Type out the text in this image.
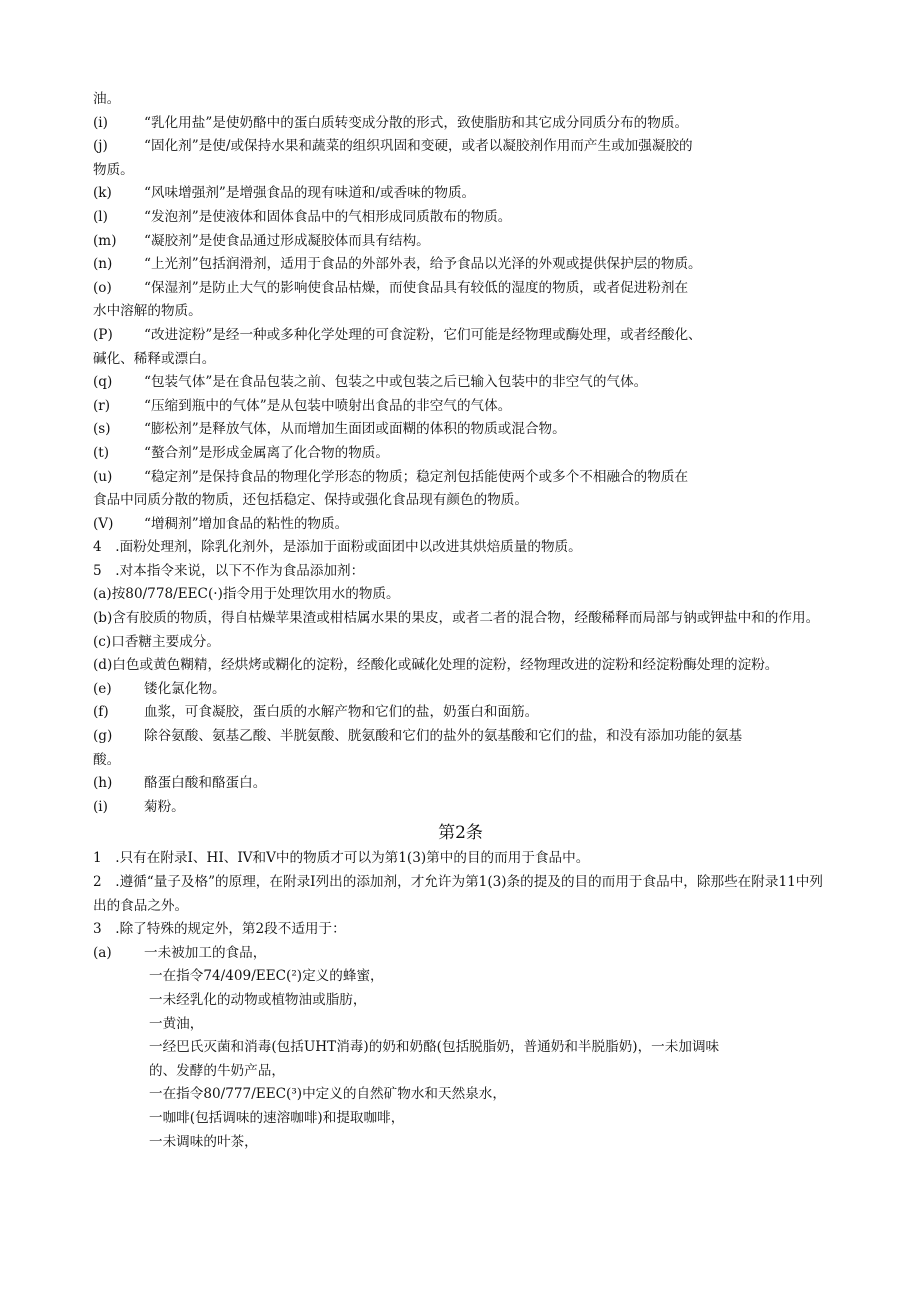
油。
(i)	“乳化用盐”是使奶酪中的蛋白质转变成分散的形式，致使脂肪和其它成分同质分布的物质。
(j)	“固化剂”是使/或保持水果和蔬菜的组织巩固和变硬，或者以凝胶剂作用而产生或加强凝胶的
物质。
(k)	“风味增强剂”是增强食品的现有味道和/或香味的物质。
(l)	“发泡剂”是使液体和固体食品中的气相形成同质散布的物质。
(m)	“凝胶剂”是使食品通过形成凝胶体而具有结构。
(n)	“上光剂”包括润滑剂，适用于食品的外部外表，给予食品以光泽的外观或提供保护层的物质。
(o)	“保湿剂”是防止大气的影响使食品枯燥，而使食品具有较低的湿度的物质，或者促进粉剂在
水中溶解的物质。
(P)	“改进淀粉”是经一种或多种化学处理的可食淀粉，它们可能是经物理或酶处理，或者经酸化、
碱化、稀释或漂白。
(q)	“包装气体”是在食品包装之前、包装之中或包装之后已输入包装中的非空气的气体。
(r)	“压缩到瓶中的气体”是从包装中喷射出食品的非空气的气体。
(s)	“膨松剂”是释放气体，从而增加生面团或面糊的体积的物质或混合物。
(t)	“螯合剂”是形成金属离了化合物的物质。
(u)	“稳定剂”是保持食品的物理化学形态的物质；稳定剂包括能使两个或多个不相融合的物质在
食品中同质分散的物质，还包括稳定、保持或强化食品现有颜色的物质。
(V)	“增稠剂”增加食品的粘性的物质。
4　.面粉处理剂，除乳化剂外，是添加于面粉或面团中以改进其烘焙质量的物质。
5　.对本指令来说，以下不作为食品添加剂：
(a)按80/778/EEC(·)指令用于处理饮用水的物质。
(b)含有胶质的物质，得自枯燥苹果渣或柑桔属水果的果皮，或者二者的混合物，经酸稀释而局部与钠或钾盐中和的作用。
(c)口香糖主要成分。
(d)白色或黄色糊精，经烘烤或糊化的淀粉，经酸化或碱化处理的淀粉，经物理改进的淀粉和经淀粉酶处理的淀粉。
(e)	镂化氯化物。
(f)	血浆，可食凝胶，蛋白质的水解产物和它们的盐，奶蛋白和面筋。
(g)	除谷氨酸、氨基乙酸、半胱氨酸、胱氨酸和它们的盐外的氨基酸和它们的盐，和没有添加功能的氨基
酸。
(h)	酪蛋白酸和酪蛋白。
(i)	菊粉。
第2条
1　.只有在附录I、HI、IV和V中的物质才可以为第1(3)第中的目的而用于食品中。
2　.遵循“量子及格”的原理，在附录I列出的添加剂，才允许为第1(3)条的提及的目的而用于食品中，除那些在附录11中列出的食品之外。
3　.除了特殊的规定外，第2段不适用于：
(a)	一未被加工的食品，
一在指令74/409/EEC(²)定义的蜂蜜，
一未经乳化的动物或植物油或脂肪，
一黄油，
一经巴氏灭菌和消毒(包括UHT消毒)的奶和奶酪(包括脱脂奶，普通奶和半脱脂奶)，一未加调味
的、发酵的牛奶产品，
一在指令80/777/EEC(³)中定义的自然矿物水和天然泉水，
一咖啡(包括调味的速溶咖啡)和提取咖啡，
一未调味的叶茶，
